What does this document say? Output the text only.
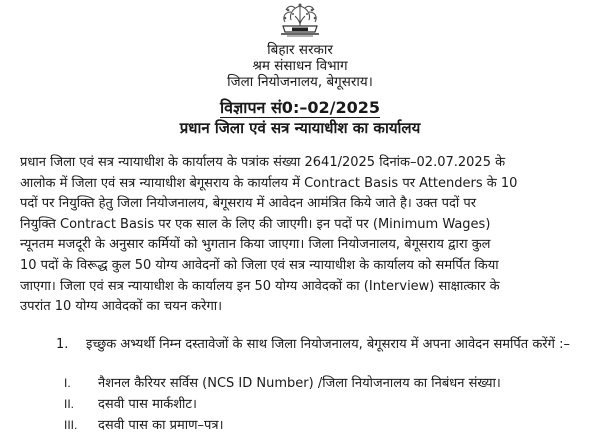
बिहार सरकार
श्रम संसाधन विभाग
जिला नियोजनालय, बेगूसराय।
विज्ञापन सं0:–02/2025
प्रधान जिला एवं सत्र न्यायाधीश का कार्यालय
प्रधान जिला एवं सत्र न्यायाधीश के कार्यालय के पत्रांक संख्या 2641/2025 दिनांक–02.07.2025 के
आलोक में जिला एवं सत्र न्यायाधीश बेगूसराय के कार्यालय में Contract Basis पर Attenders के 10
पदों पर नियुक्ति हेतु जिला नियोजनालय, बेगूसराय में आवेदन आमंत्रित किये जाते है। उक्त पदों पर
नियुक्ति Contract Basis पर एक साल के लिए की जाएगी। इन पदों पर (Minimum Wages)
न्यूनतम मजदूरी के अनुसार कर्मियों को भुगतान किया जाएगा। जिला नियोजनालय, बेगूसराय द्वारा कुल
10 पदों के विरूद्ध कुल 50 योग्य आवेदनों को जिला एवं सत्र न्यायाधीश के कार्यालय को समर्पित किया
जाएगा। जिला एवं सत्र न्यायाधीश के कार्यालय इन 50 योग्य आवेदकों का (Interview) साक्षात्कार के
उपरांत 10 योग्य आवेदकों का चयन करेगा।
1. इच्छुक अभ्यर्थी निम्न दस्तावेजों के साथ जिला नियोजनालय, बेगूसराय में अपना आवेदन समर्पित करेंगें :–
I. नैशनल कैरियर सर्विस (NCS ID Number) /जिला नियोजनालय का निबंधन संख्या।
II. दसवी पास मार्कशीट।
III. दसवी पास का प्रमाण–पत्र।
